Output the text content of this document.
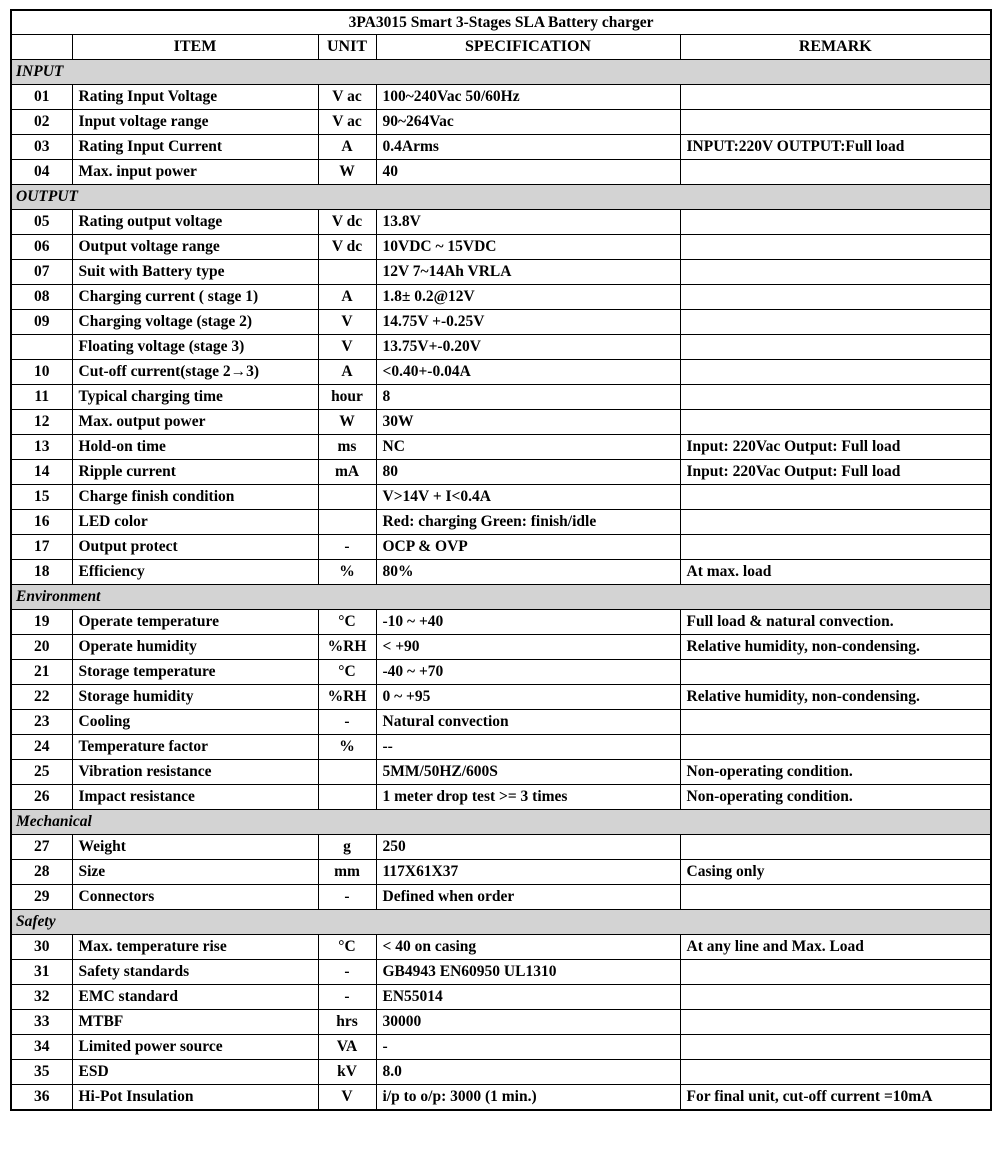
3PA3015 Smart 3-Stages SLA Battery charger				
	ITEM	UNIT	SPECIFICATION	REMARK
INPUT				
01	Rating Input Voltage	V ac	100~240Vac 50/60Hz	
02	Input voltage range	V ac	90~264Vac	
03	Rating Input Current	A	0.4Arms	INPUT:220V OUTPUT:Full load
04	Max. input power	W	40	
OUTPUT				
05	Rating output voltage	V dc	13.8V	
06	Output voltage range	V dc	10VDC ~ 15VDC	
07	Suit with Battery type		12V 7~14Ah VRLA	
08	Charging current ( stage 1)	A	1.8± 0.2@12V	
09	Charging voltage (stage 2)	V	14.75V +-0.25V	
	Floating voltage (stage 3)	V	13.75V+-0.20V	
10	Cut-off current(stage 2→3)	A	<0.40+-0.04A	
11	Typical charging time	hour	8	
12	Max. output power	W	30W	
13	Hold-on time	ms	NC	Input: 220Vac Output: Full load
14	Ripple current	mA	80	Input: 220Vac Output: Full load
15	Charge finish condition		V>14V + I<0.4A	
16	LED color		Red: charging Green: finish/idle	
17	Output protect	-	OCP & OVP	
18	Efficiency	%	80%	At max. load
Environment				
19	Operate temperature	°C	-10 ~ +40	Full load & natural convection.
20	Operate humidity	%RH	< +90	Relative humidity, non-condensing.
21	Storage temperature	°C	-40 ~ +70	
22	Storage humidity	%RH	0 ~ +95	Relative humidity, non-condensing.
23	Cooling	-	Natural convection	
24	Temperature factor	%	--	
25	Vibration resistance		5MM/50HZ/600S	Non-operating condition.
26	Impact resistance		1 meter drop test >= 3 times	Non-operating condition.
Mechanical				
27	Weight	g	250	
28	Size	mm	117X61X37	Casing only
29	Connectors	-	Defined when order	
Safety				
30	Max. temperature rise	°C	< 40 on casing	At any line and Max. Load
31	Safety standards	-	GB4943 EN60950 UL1310	
32	EMC standard	-	EN55014	
33	MTBF	hrs	30000	
34	Limited power source	VA	-	
35	ESD	kV	8.0	
36	Hi-Pot Insulation	V	i/p to o/p: 3000 (1 min.)	For final unit, cut-off current =10mA
